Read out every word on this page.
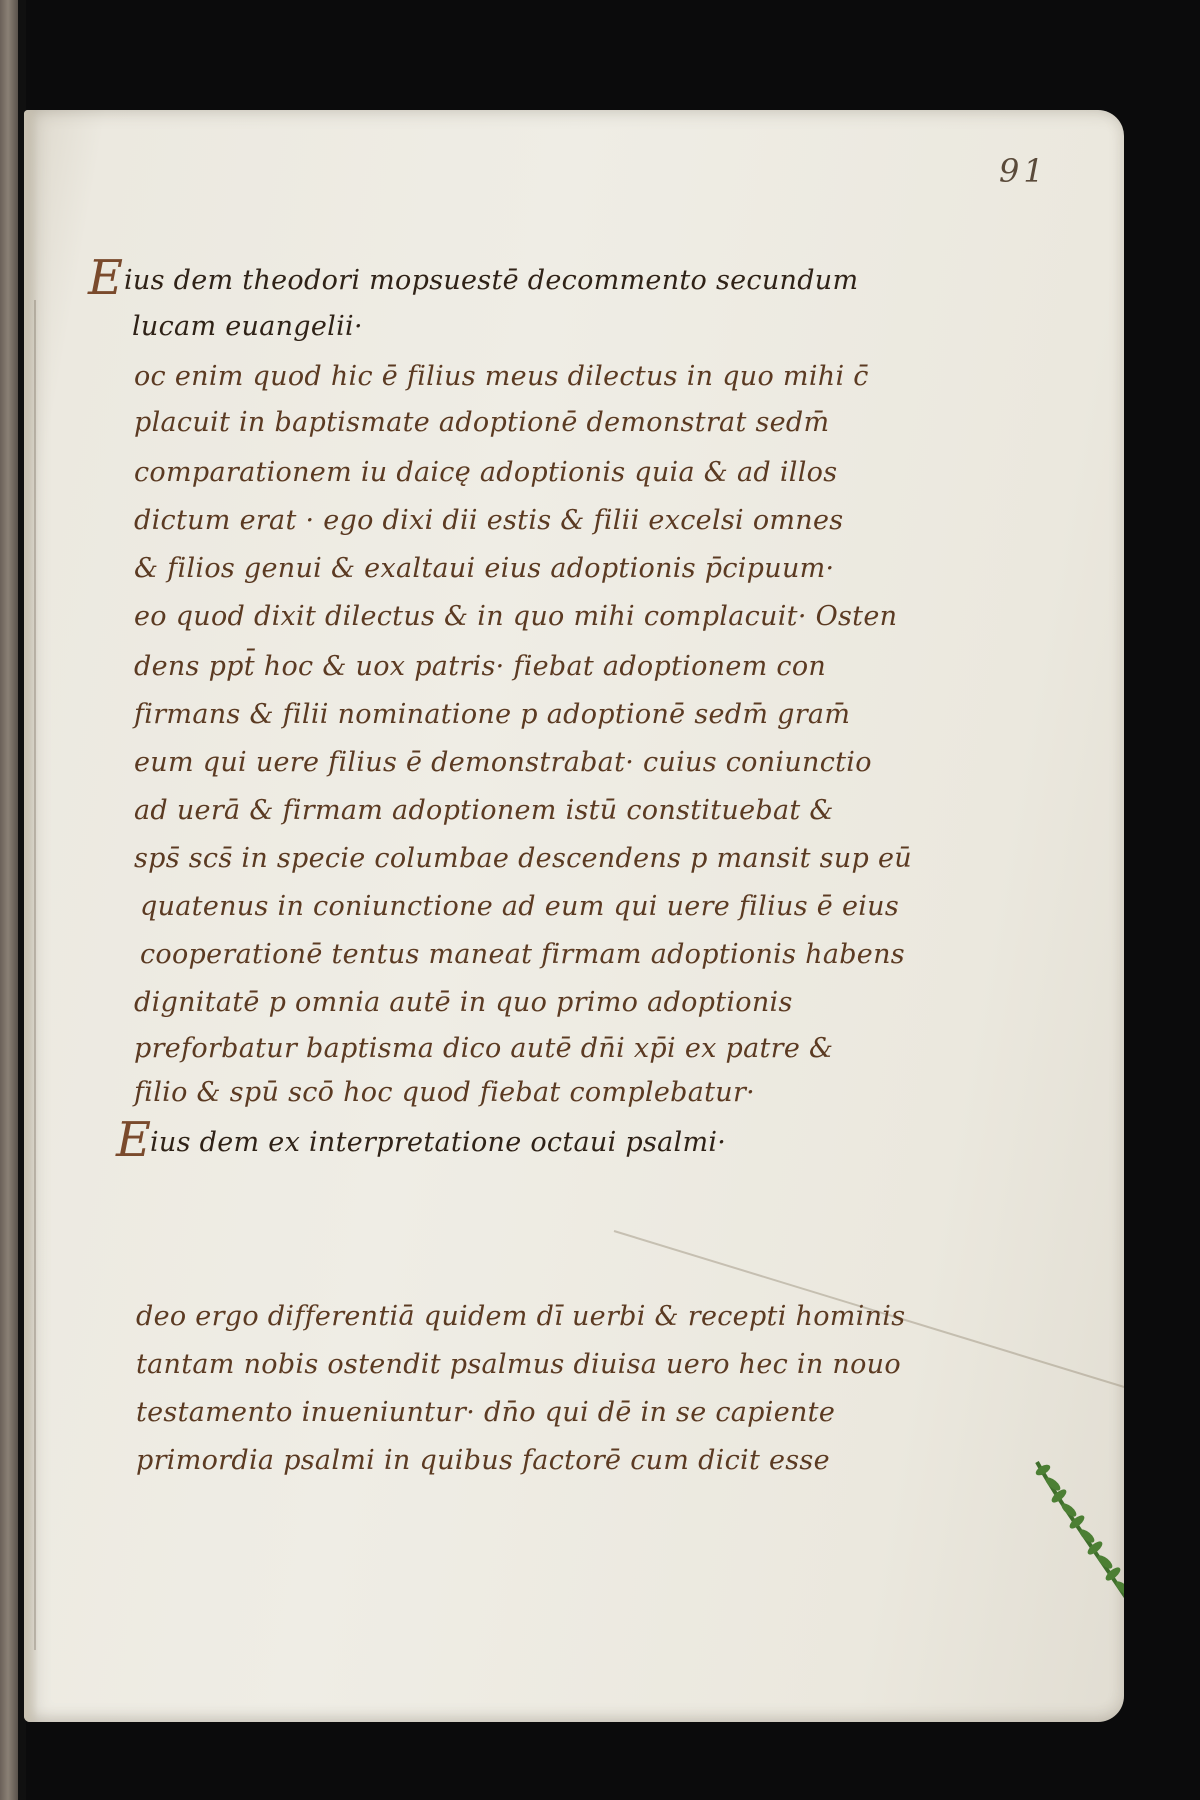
91
E ius dem theodori mopsuestē decommento secundum
lucam euangelii·
oc enim quod hic ē filius meus dilectus in quo mihi c̄
placuit in baptismate adoptionē demonstrat sedm̄
comparationem iu daicę adoptionis quia & ad illos
dictum erat · ego dixi dii estis & filii excelsi omnes
& filios genui & exaltaui eius adoptionis p̄cipuum·
eo quod dixit dilectus & in quo mihi complacuit· Osten
dens ppt̄ hoc & uox patris· fiebat adoptionem con
firmans & filii nominatione p adoptionē sedm̄ gram̄
eum qui uere filius ē demonstrabat· cuius coniunctio
ad uerā & firmam adoptionem istū constituebat &
sps̄ scs̄ in specie columbae descendens p mansit sup eū
quatenus in coniunctione ad eum qui uere filius ē eius
cooperationē tentus maneat firmam adoptionis habens
dignitatē p omnia autē in quo primo adoptionis
preforbatur baptisma dico autē dn̄i xp̄i ex patre &
filio & spū scō hoc quod fiebat complebatur·
E
ius dem ex interpretatione octaui psalmi·
deo ergo differentiā quidem dī uerbi & recepti hominis
tantam nobis ostendit psalmus diuisa uero hec in nouo
testamento inueniuntur· dn̄o qui dē in se capiente
primordia psalmi in quibus factorē cum dicit esse
